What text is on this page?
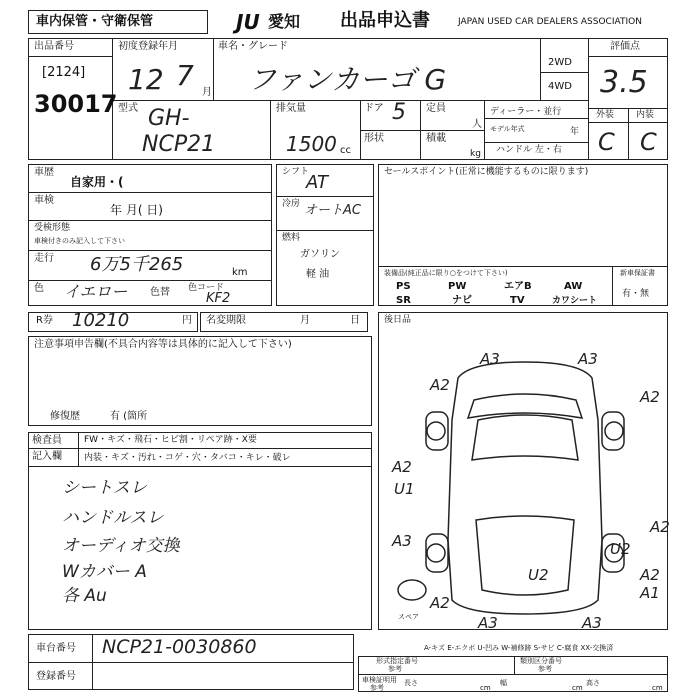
車内保管・守衛保管	JU 愛知 出品申込書	JAPAN USED CAR DEALERS ASSOCIATION
出品番号
[2124]
30017
初度登録年月
12 7
月
車名・グレード
ファンカーゴ G
2WD
4WD
評価点
3.5
型式 GH-
NCP21
排気量
1500 cc
ドア 5 定員
人
形状	積載
kg
ディーラー・並行
モデル年式	年
ハンドル 左・右
外装 内装
C C
車歴
自家用・(
車検
年 月( 日)
受検形態
車検付きのみ記入して下さい
走行 6万5千265	km
色 イエロー 色替 色コード
KF2
シフト
AT
冷房 オートAC
燃料
ガソリン
軽 油
セールスポイント(正常に機能するものに限ります)
装備品(純正品に限り○をつけて下さい)
PS	PW	エアB	AW
SR	ナビ	TV	カワシート
新車保証書
有・無
R券 10210	円 名変期限	月	日	後日品
注意事項申告欄(不具合内容等は具体的に記入して下さい)
修復歴	有 (箇所
検査員
記入欄
FW・キズ・飛石・ヒビ割・リペア跡・X要
内装・キズ・汚れ・コゲ・穴・タバコ・キレ・破レ
シートスレ
ハンドルスレ
オーディオ交換
Wカバー A
各 Au
A3	A3
A2
A2
A2
A2
U1
A2
A3
U2
U2
A2
A1
A3	A3
スペア
車台番号 NCP21-0030860
登録番号
A-キズ E-エクボ U-凹み W-補修跡 S-サビ C-腐食 XX-交換済
形式指定番号
参考
類別区分番号
参考
車検証明用
参考
長さ
cm
幅
cm
高さ
cm
